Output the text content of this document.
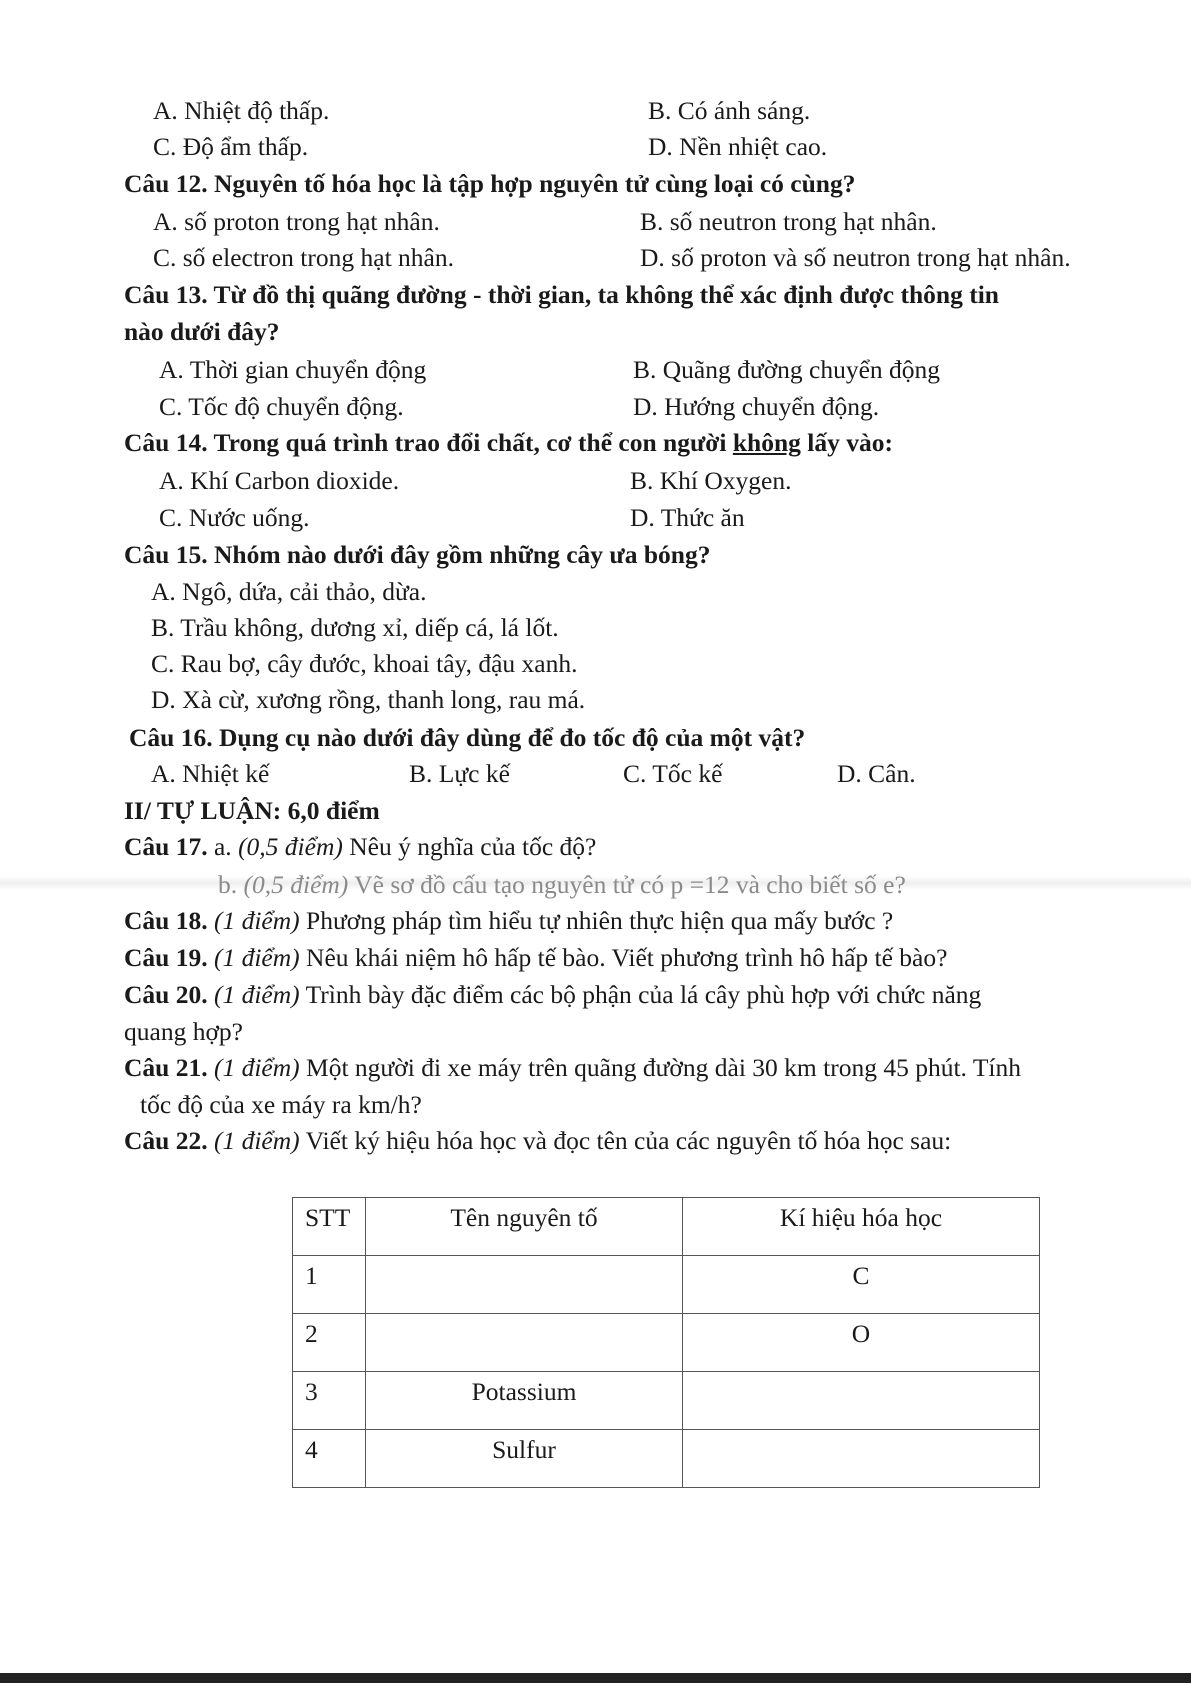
A. Nhiệt độ thấp.	B. Có ánh sáng.
C. Độ ẩm thấp.	D. Nền nhiệt cao.
Câu 12. Nguyên tố hóa học là tập hợp nguyên tử cùng loại có cùng?
A. số proton trong hạt nhân.	B. số neutron trong hạt nhân.
C. số electron trong hạt nhân.	D. số proton và số neutron trong hạt nhân.
Câu 13. Từ đồ thị quãng đường - thời gian, ta không thể xác định được thông tin
nào dưới đây?
A. Thời gian chuyển động	B. Quãng đường chuyển động
C. Tốc độ chuyển động.	D. Hướng chuyển động.
Câu 14. Trong quá trình trao đổi chất, cơ thể con người không lấy vào:
A. Khí Carbon dioxide.	B. Khí Oxygen.
C. Nước uống.	D. Thức ăn
Câu 15. Nhóm nào dưới đây gồm những cây ưa bóng?
A. Ngô, dứa, cải thảo, dừa.
B. Trầu không, dương xỉ, diếp cá, lá lốt.
C. Rau bợ, cây đước, khoai tây, đậu xanh.
D. Xà cừ, xương rồng, thanh long, rau má.
Câu 16. Dụng cụ nào dưới đây dùng để đo tốc độ của một vật?
A. Nhiệt kế	B. Lực kế	C. Tốc kế	D. Cân.
II/ TỰ LUẬN: 6,0 điểm
Câu 17. a. (0,5 điểm) Nêu ý nghĩa của tốc độ?
b. (0,5 điểm) Vẽ sơ đồ cấu tạo nguyên tử có p =12 và cho biết số e?
Câu 18. (1 điểm) Phương pháp tìm hiểu tự nhiên thực hiện qua mấy bước ?
Câu 19. (1 điểm) Nêu khái niệm hô hấp tế bào. Viết phương trình hô hấp tế bào?
Câu 20. (1 điểm) Trình bày đặc điểm các bộ phận của lá cây phù hợp với chức năng
quang hợp?
Câu 21. (1 điểm) Một người đi xe máy trên quãng đường dài 30 km trong 45 phút. Tính
tốc độ của xe máy ra km/h?
Câu 22. (1 điểm) Viết ký hiệu hóa học và đọc tên của các nguyên tố hóa học sau:
STT	Tên nguyên tố	Kí hiệu hóa học
1		C
2		O
3	Potassium	
4	Sulfur	
